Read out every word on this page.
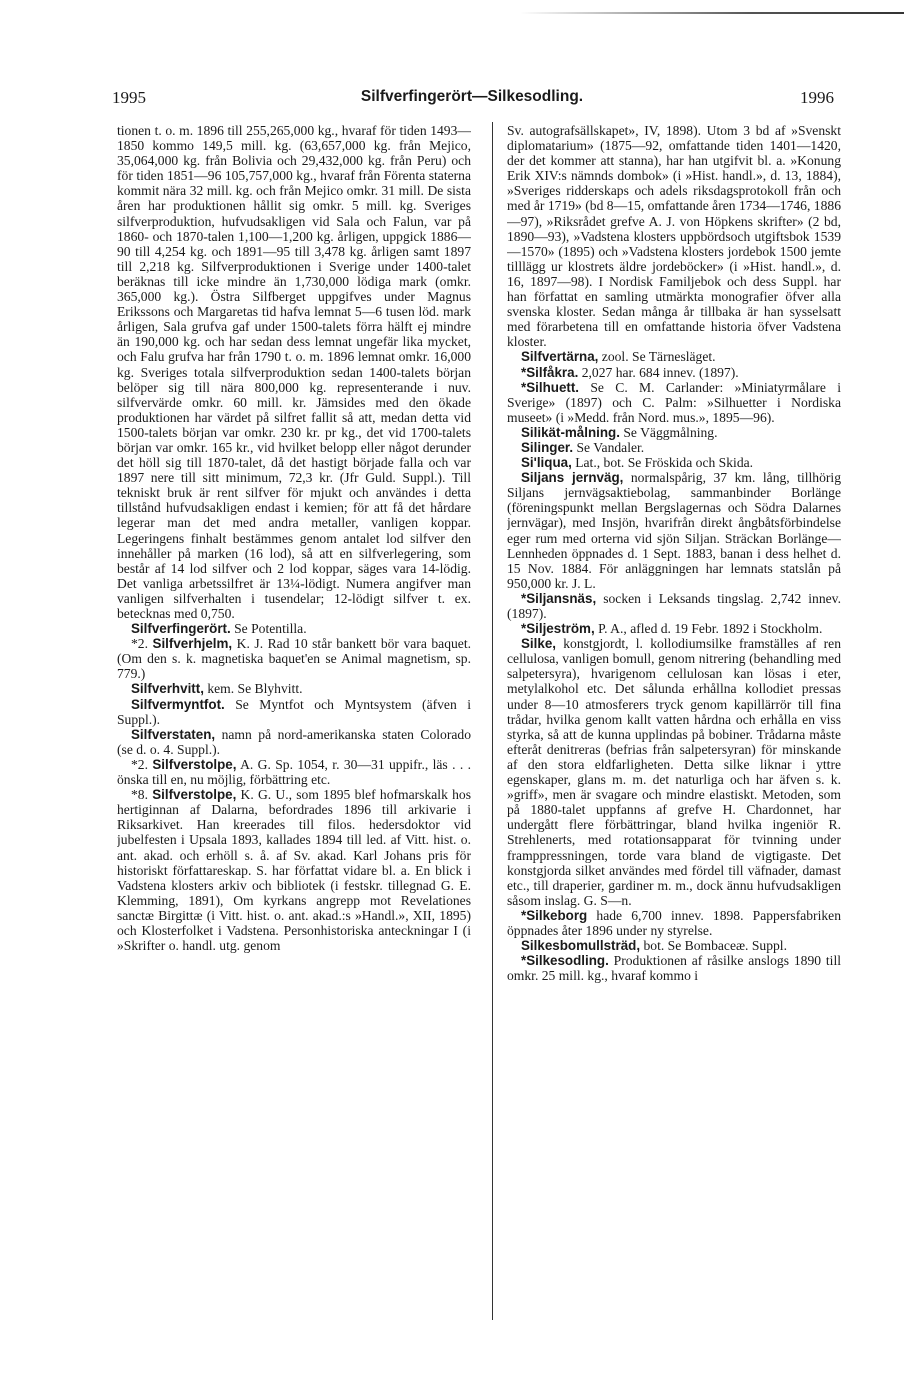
1995	Silfverfingerört—Silkesodling.	1996

tionen t. o. m. 1896 till 255,265,000 kg., hvaraf för tiden 1493—1850 kommo 149,5 mill. kg. (63,657,000 kg. från Mejico, 35,064,000 kg. från Bolivia och 29,432,000 kg. från Peru) och för tiden 1851—96 105,757,000 kg., hvaraf från Förenta staterna kommit nära 32 mill. kg. och från Mejico omkr. 31 mill. De sista åren har produktionen hållit sig omkr. 5 mill. kg. Sveriges silfverproduktion, hufvudsakligen vid Sala och Falun, var på 1860- och 1870-talen 1,100—1,200 kg. årligen, uppgick 1886—90 till 4,254 kg. och 1891—95 till 3,478 kg. årligen samt 1897 till 2,218 kg. Silfverproduktionen i Sverige under 1400-talet beräknas till icke mindre än 1,730,000 lödiga mark (omkr. 365,000 kg.). Östra Silfberget uppgifves under Magnus Erikssons och Margaretas tid hafva lemnat 5—6 tusen löd. mark årligen, Sala grufva gaf under 1500-talets förra hälft ej mindre än 190,000 kg. och har sedan dess lemnat ungefär lika mycket, och Falu grufva har från 1790 t. o. m. 1896 lemnat omkr. 16,000 kg. Sveriges totala silfverproduktion sedan 1400-talets början belöper sig till nära 800,000 kg. representerande i nuv. silfvervärde omkr. 60 mill. kr. Jämsides med den ökade produktionen har värdet på silfret fallit så att, medan detta vid 1500-talets början var omkr. 230 kr. pr kg., det vid 1700-talets början var omkr. 165 kr., vid hvilket belopp eller något derunder det höll sig till 1870-talet, då det hastigt började falla och var 1897 nere till sitt minimum, 72,3 kr. (Jfr Guld. Suppl.). Till tekniskt bruk är rent silfver för mjukt och användes i detta tillstånd hufvudsakligen endast i kemien; för att få det hårdare legerar man det med andra metaller, vanligen koppar. Legeringens finhalt bestämmes genom antalet lod silfver den innehåller på marken (16 lod), så att en silfverlegering, som består af 14 lod silfver och 2 lod koppar, säges vara 14-lödig. Det vanliga arbetssilfret är 13¼-lödigt. Numera angifver man vanligen silfverhalten i tusendelar; 12-lödigt silfver t. ex. betecknas med 0,750.

Silfverfingerört. Se Potentilla.

*2. Silfverhjelm, K. J. Rad 10 står bankett bör vara baquet. (Om den s. k. magnetiska baquet'en se Animal magnetism, sp. 779.)

Silfverhvitt, kem. Se Blyhvitt.

Silfvermyntfot. Se Myntfot och Myntsystem (äfven i Suppl.).

Silfverstaten, namn på nord-amerikanska staten Colorado (se d. o. 4. Suppl.).

*2. Silfverstolpe, A. G. Sp. 1054, r. 30—31 uppifr., läs . . . önska till en, nu möjlig, förbättring etc.

*8. Silfverstolpe, K. G. U., som 1895 blef hofmarskalk hos hertiginnan af Dalarna, befordrades 1896 till arkivarie i Riksarkivet. Han kreerades till filos. hedersdoktor vid jubelfesten i Upsala 1893, kallades 1894 till led. af Vitt. hist. o. ant. akad. och erhöll s. å. af Sv. akad. Karl Johans pris för historiskt författareskap. S. har författat vidare bl. a. En blick i Vadstena klosters arkiv och bibliotek (i festskr. tillegnad G. E. Klemming, 1891), Om kyrkans angrepp mot Revelationes sanctæ Birgittæ (i Vitt. hist. o. ant. akad.:s »Handl.», XII, 1895) och Klosterfolket i Vadstena. Personhistoriska anteckningar I (i »Skrifter o. handl. utg. genom

Sv. autografsällskapet», IV, 1898). Utom 3 bd af »Svenskt diplomatarium» (1875—92, omfattande tiden 1401—1420, der det kommer att stanna), har han utgifvit bl. a. »Konung Erik XIV:s nämnds dombok» (i »Hist. handl.», d. 13, 1884), »Sveriges ridderskaps och adels riksdagsprotokoll från och med år 1719» (bd 8—15, omfattande åren 1734—1746, 1886—97), »Riksrådet grefve A. J. von Höpkens skrifter» (2 bd, 1890—93), »Vadstena klosters uppbördsoch utgiftsbok 1539—1570» (1895) och »Vadstena klosters jordebok 1500 jemte tilllägg ur klostrets äldre jordeböcker» (i »Hist. handl.», d. 16, 1897—98). I Nordisk Familjebok och dess Suppl. har han författat en samling utmärkta monografier öfver alla svenska kloster. Sedan många år tillbaka är han sysselsatt med förarbetena till en omfattande historia öfver Vadstena kloster.

Silfvertärna, zool. Se Tärnesläget.

*Silfåkra. 2,027 har. 684 innev. (1897).

*Silhuett. Se C. M. Carlander: »Miniatyrmålare i Sverige» (1897) och C. Palm: »Silhuetter i Nordiska museet» (i »Medd. från Nord. mus.», 1895—96).

Silikät-målning. Se Väggmålning.

Silinger. Se Vandaler.

Si'liqua, Lat., bot. Se Fröskida och Skida.

Siljans jernväg, normalspårig, 37 km. lång, tillhörig Siljans jernvägsaktiebolag, sammanbinder Borlänge (föreningspunkt mellan Bergslagernas och Södra Dalarnes jernvägar), med Insjön, hvarifrån direkt ångbåtsförbindelse eger rum med orterna vid sjön Siljan. Sträckan Borlänge—Lennheden öppnades d. 1 Sept. 1883, banan i dess helhet d. 15 Nov. 1884. För anläggningen har lemnats statslån på 950,000 kr. J. L.

*Siljansnäs, socken i Leksands tingslag. 2,742 innev. (1897).

*Siljeström, P. A., afled d. 19 Febr. 1892 i Stockholm.

Silke, konstgjordt, l. kollodiumsilke framställes af ren cellulosa, vanligen bomull, genom nitrering (behandling med salpetersyra), hvarigenom cellulosan kan lösas i eter, metylalkohol etc. Det sålunda erhållna kollodiet pressas under 8—10 atmosferers tryck genom kapillärrör till fina trådar, hvilka genom kallt vatten hårdna och erhålla en viss styrka, så att de kunna upplindas på bobiner. Trådarna måste efteråt denitreras (befrias från salpetersyran) för minskande af den stora eldfarligheten. Detta silke liknar i yttre egenskaper, glans m. m. det naturliga och har äfven s. k. »griff», men är svagare och mindre elastiskt. Metoden, som på 1880-talet uppfanns af grefve H. Chardonnet, har undergått flere förbättringar, bland hvilka ingeniör R. Strehlenerts, med rotationsapparat för tvinning under framppressningen, torde vara bland de vigtigaste. Det konstgjorda silket användes med fördel till väfnader, damast etc., till draperier, gardiner m. m., dock ännu hufvudsakligen såsom inslag. G. S—n.

*Silkeborg hade 6,700 innev. 1898. Pappersfabriken öppnades åter 1896 under ny styrelse.

Silkesbomullsträd, bot. Se Bombaceæ. Suppl.

*Silkesodling. Produktionen af råsilke anslogs 1890 till omkr. 25 mill. kg., hvaraf kommo i
